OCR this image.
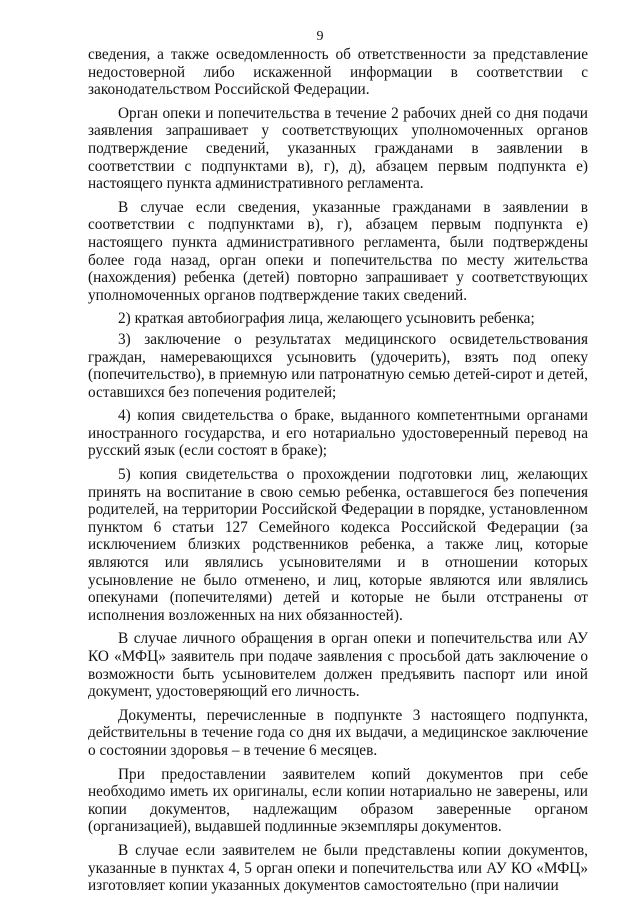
9

сведения, а также осведомленность об ответственности за представление недостоверной либо искаженной информации в соответствии с законодательством Российской Федерации.

Орган опеки и попечительства в течение 2 рабочих дней со дня подачи заявления запрашивает у соответствующих уполномоченных органов подтверждение сведений, указанных гражданами в заявлении в соответствии с подпунктами в), г), д), абзацем первым подпункта е) настоящего пункта административного регламента.

В случае если сведения, указанные гражданами в заявлении в соответствии с подпунктами в), г), абзацем первым подпункта е) настоящего пункта административного регламента, были подтверждены более года назад, орган опеки и попечительства по месту жительства (нахождения) ребенка (детей) повторно запрашивает у соответствующих уполномоченных органов подтверждение таких сведений.

2) краткая автобиография лица, желающего усыновить ребенка;

3) заключение о результатах медицинского освидетельствования граждан, намеревающихся усыновить (удочерить), взять под опеку (попечительство), в приемную или патронатную семью детей-сирот и детей, оставшихся без попечения родителей;

4) копия свидетельства о браке, выданного компетентными органами иностранного государства, и его нотариально удостоверенный перевод на русский язык (если состоят в браке);

5) копия свидетельства о прохождении подготовки лиц, желающих принять на воспитание в свою семью ребенка, оставшегося без попечения родителей, на территории Российской Федерации в порядке, установленном пунктом 6 статьи 127 Семейного кодекса Российской Федерации (за исключением близких родственников ребенка, а также лиц, которые являются или являлись усыновителями и в отношении которых усыновление не было отменено, и лиц, которые являются или являлись опекунами (попечителями) детей и которые не были отстранены от исполнения возложенных на них обязанностей).

В случае личного обращения в орган опеки и попечительства или АУ КО «МФЦ» заявитель при подаче заявления с просьбой дать заключение о возможности быть усыновителем должен предъявить паспорт или иной документ, удостоверяющий его личность.

Документы, перечисленные в подпункте 3 настоящего подпункта, действительны в течение года со дня их выдачи, а медицинское заключение о состоянии здоровья – в течение 6 месяцев.

При предоставлении заявителем копий документов при себе необходимо иметь их оригиналы, если копии нотариально не заверены, или копии документов, надлежащим образом заверенные органом (организацией), выдавшей подлинные экземпляры документов.

В случае если заявителем не были представлены копии документов, указанные в пунктах 4, 5 орган опеки и попечительства или АУ КО «МФЦ» изготовляет копии указанных документов самостоятельно (при наличии
